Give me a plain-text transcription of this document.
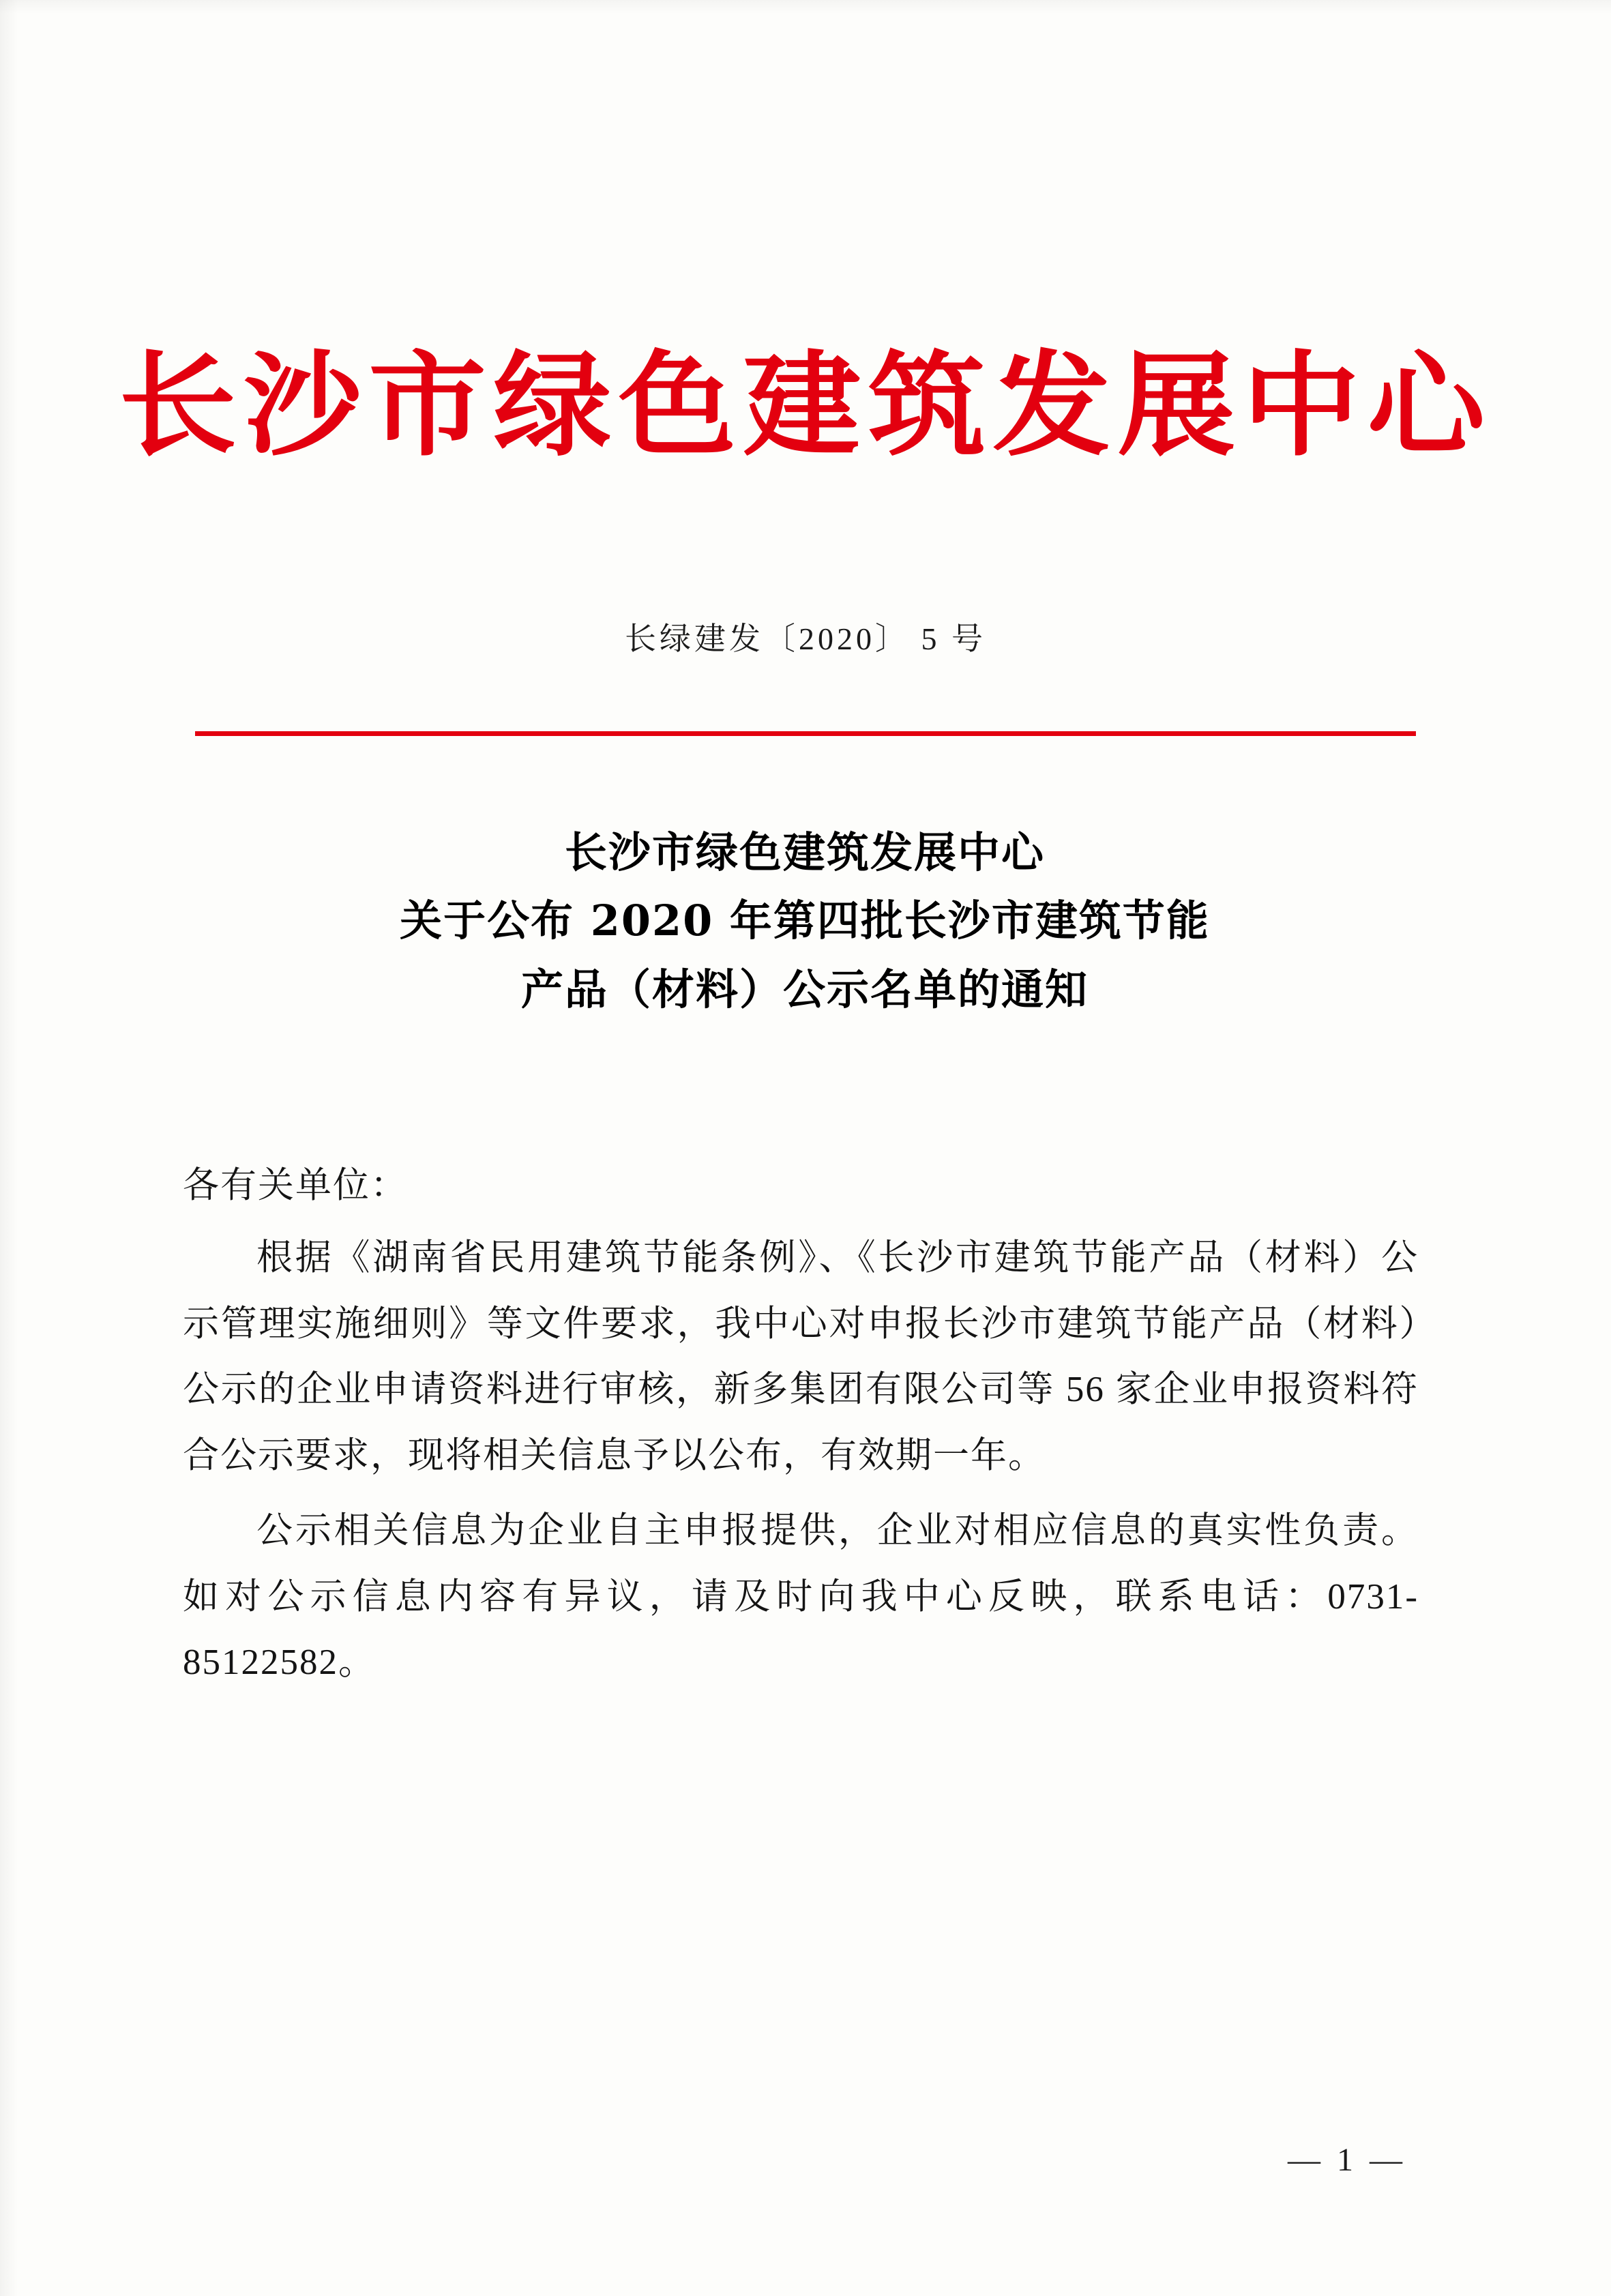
长沙市绿色建筑发展中心
长绿建发〔2020〕 5 号
长沙市绿色建筑发展中心
关于公布 2020 年第四批长沙市建筑节能
产品（材料）公示名单的通知

各有关单位：

根据《湖南省民用建筑节能条例》、《长沙市建筑节能产品（材料）公示管理实施细则》等文件要求，我中心对申报长沙市建筑节能产品（材料）公示的企业申请资料进行审核，新多集团有限公司等 56 家企业申报资料符合公示要求，现将相关信息予以公布，有效期一年。

公示相关信息为企业自主申报提供，企业对相应信息的真实性负责。如对公示信息内容有异议，请及时向我中心反映，联系电话：0731-85122582。

— 1 —
